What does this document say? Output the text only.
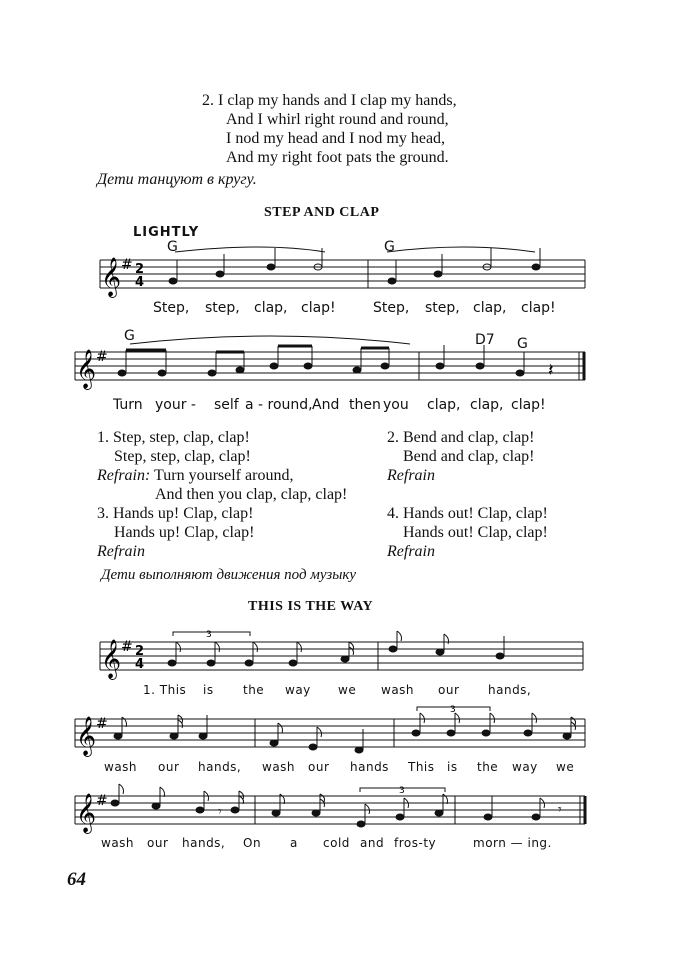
2. I clap my hands and I clap my hands,
And I whirl right round and round,
I nod my head and I nod my head,
And my right foot pats the ground.
Дети танцуют в кругу.
STEP AND CLAP
LIGHTLY
𝄞 # 2
4
G	G
Step, step, clap, clap!	Step, step, clap, clap!
𝄞 #
𝄽
G	D7 G
Turn your - self a - round, And then you clap, clap, clap!
1. Step, step, clap, clap!
Step, step, clap, clap!
Refrain: Turn yourself around,
And then you clap, clap, clap!
3. Hands up! Clap, clap!
Hands up! Clap, clap!
Refrain
2. Bend and clap, clap!
Bend and clap, clap!
Refrain
4. Hands out! Clap, clap!
Hands out! Clap, clap!
Refrain
Дети выполняют движения под музыку
THIS IS THE WAY
𝄞 # 2
4
3
1. This is the way we wash our hands,
𝄞 #
3
wash our hands, wash our hands This is the way we
𝄞 #
3
𝄾	𝄾
wash our hands, On a cold and fros-ty	morn — ing.
64
